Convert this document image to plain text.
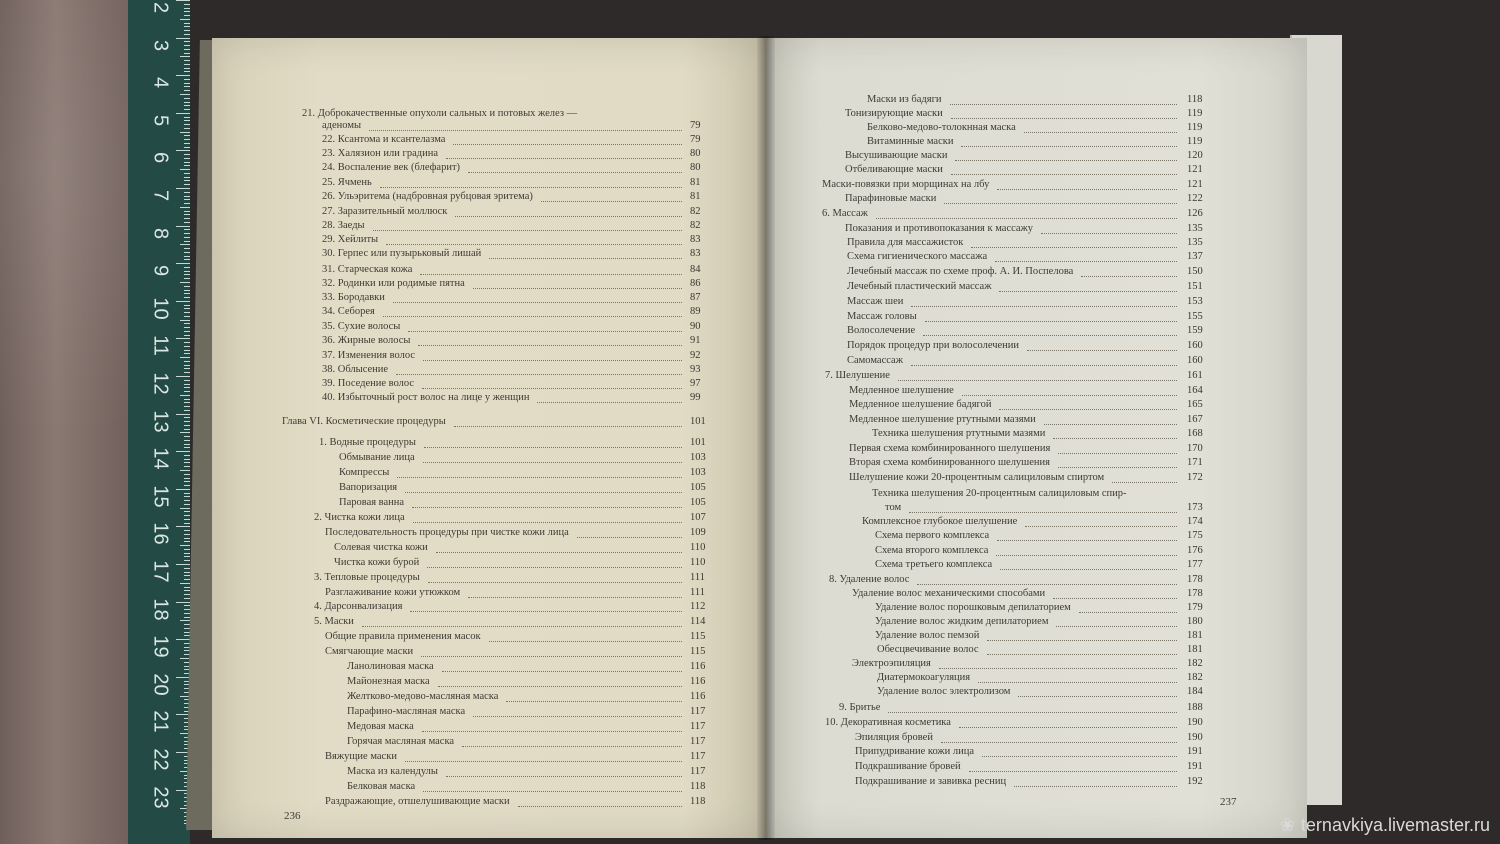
2
3
4
5
6
7
8
9
10
11
12
13
14
15
16
17
18
19
20
21
22
23
21. Доброкачественные опухоли сальных и потовых желез —
аденомы	79
22. Ксантома и ксантелазма	79
23. Халязион или градина	80
24. Воспаление век (блефарит)	80
25. Ячмень	81
26. Ульэритема (надбровная рубцовая эритема)	81
27. Заразительный моллюск	82
28. Заеды	82
29. Хейлиты	83
30. Герпес или пузырьковый лишай	83
31. Старческая кожа	84
32. Родинки или родимые пятна	86
33. Бородавки	87
34. Себорея	89
35. Сухие волосы	90
36. Жирные волосы	91
37. Изменения волос	92
38. Облысение	93
39. Поседение волос	97
40. Избыточный рост волос на лице у женщин	99
Глава VI. Косметические процедуры	101
1. Водные процедуры	101
Обмывание лица	103
Компрессы	103
Вапоризация	105
Паровая ванна	105
2. Чистка кожи лица	107
Последовательность процедуры при чистке кожи лица	109
Солевая чистка кожи	110
Чистка кожи бурой	110
3. Тепловые процедуры	111
Разглаживание кожи утюжком	111
4. Дарсонвализация	112
5. Маски	114
Общие правила применения масок	115
Смягчающие маски	115
Ланолиновая маска	116
Майонезная маска	116
Желтково-медово-масляная маска	116
Парафино-масляная маска	117
Медовая маска	117
Горячая масляная маска	117
Вяжущие маски	117
Маска из календулы	117
Белковая маска	118
Раздражающие, отшелушивающие маски	118
236
Маски из бадяги	118
Тонизирующие маски	119
Белково-медово-толокнная маска	119
Витаминные маски	119
Высушивающие маски	120
Отбеливающие маски	121
Маски-повязки при морщинах на лбу	121
Парафиновые маски	122
6. Массаж	126
Показания и противопоказания к массажу	135
Правила для массажисток	135
Схема гигиенического массажа	137
Лечебный массаж по схеме проф. А. И. Поспелова	150
Лечебный пластический массаж	151
Массаж шеи	153
Массаж головы	155
Волосолечение	159
Порядок процедур при волосолечении	160
Самомассаж	160
7. Шелушение	161
Медленное шелушение	164
Медленное шелушение бадягой	165
Медленное шелушение ртутными мазями	167
Техника шелушения ртутными мазями	168
Первая схема комбинированного шелушения	170
Вторая схема комбинированного шелушения	171
Шелушение кожи 20-процентным салициловым спиртом	172
Техника шелушения 20-процентным салициловым спир-
том	173
Комплексное глубокое шелушение	174
Схема первого комплекса	175
Схема второго комплекса	176
Схема третьего комплекса	177
8. Удаление волос	178
Удаление волос механическими способами	178
Удаление волос порошковым депилаторием	179
Удаление волос жидким депилаторием	180
Удаление волос пемзой	181
Обесцвечивание волос	181
Электроэпиляция	182
Диатермокоагуляция	182
Удаление волос электролизом	184
9. Бритье	188
10. Декоративная косметика	190
Эпиляция бровей	190
Припудривание кожи лица	191
Подкрашивание бровей	191
Подкрашивание и завивка ресниц	192
237
❀ ternavkiya.livemaster.ru
